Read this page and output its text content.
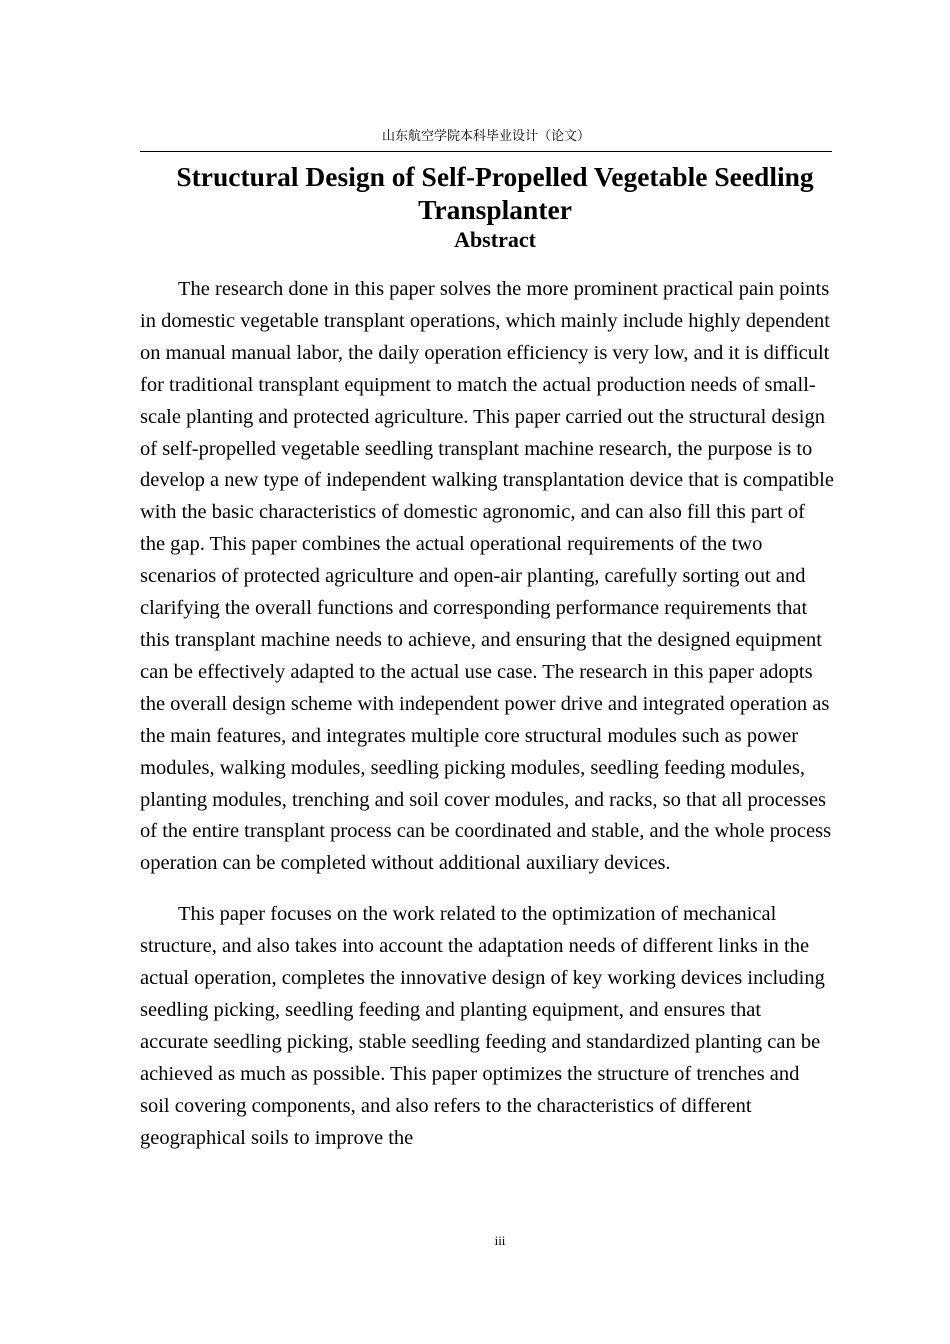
山东航空学院本科毕业设计（论文）
Structural Design of Self-Propelled Vegetable Seedling Transplanter
Abstract

The research done in this paper solves the more prominent practical pain points in domestic vegetable transplant operations, which mainly include highly dependent on manual manual labor, the daily operation efficiency is very low, and it is difficult for traditional transplant equipment to match the actual production needs of small-scale planting and protected agriculture. This paper carried out the structural design of self-propelled vegetable seedling transplant machine research, the purpose is to develop a new type of independent walking transplantation device that is compatible with the basic characteristics of domestic agronomic, and can also fill this part of the gap. This paper combines the actual operational requirements of the two scenarios of protected agriculture and open-air planting, carefully sorting out and clarifying the overall functions and corresponding performance requirements that this transplant machine needs to achieve, and ensuring that the designed equipment can be effectively adapted to the actual use case. The research in this paper adopts the overall design scheme with independent power drive and integrated operation as the main features, and integrates multiple core structural modules such as power modules, walking modules, seedling picking modules, seedling feeding modules, planting modules, trenching and soil cover modules, and racks, so that all processes of the entire transplant process can be coordinated and stable, and the whole process operation can be completed without additional auxiliary devices.

This paper focuses on the work related to the optimization of mechanical structure, and also takes into account the adaptation needs of different links in the actual operation, completes the innovative design of key working devices including seedling picking, seedling feeding and planting equipment, and ensures that accurate seedling picking, stable seedling feeding and standardized planting can be achieved as much as possible. This paper optimizes the structure of trenches and soil covering components, and also refers to the characteristics of different geographical soils to improve the

iii
